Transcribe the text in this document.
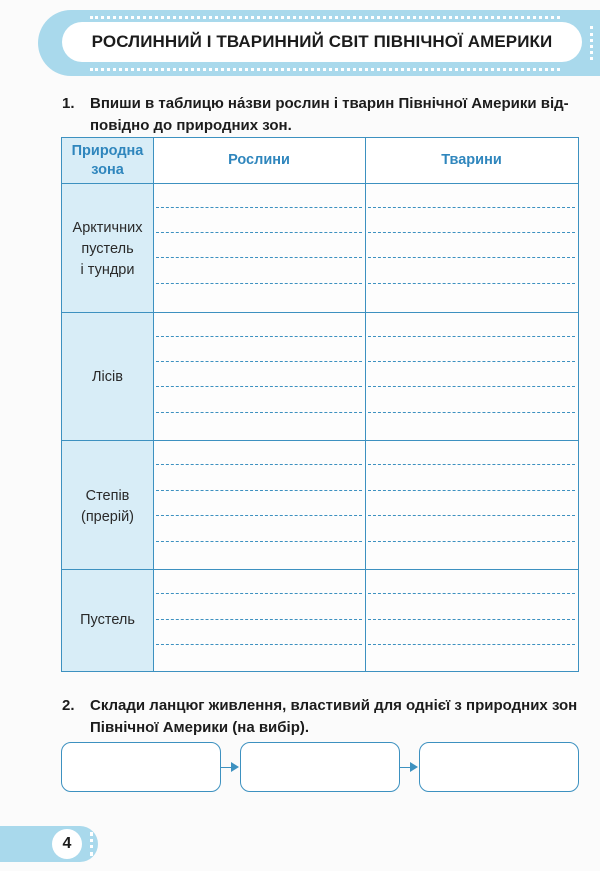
РОСЛИННИЙ І ТВАРИННИЙ СВІТ ПІВНІЧНОЇ АМЕРИКИ
1. Впиши в таблицю на́зви рослин і тварин Північної Америки від-
повідно до природних зон.
Природна
зона
Рослини	Тварини
Арктичних
пустель
і тундри
Лісів
Степів
(прерій)
Пустель
2. Склади ланцюг живлення, властивий для однієї з природних зон
Північної Америки (на вибір).
4
